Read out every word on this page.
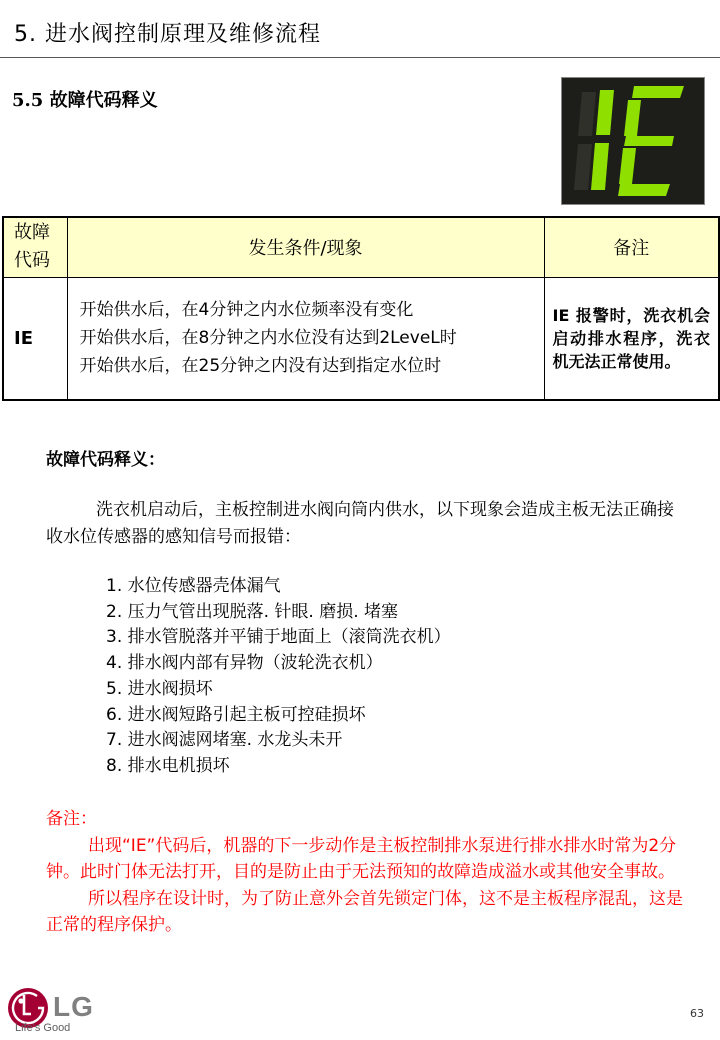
5. 进水阀控制原理及维修流程
5.5 故障代码释义
故障代码	发生条件/现象	备注
IE	开始供水后，在4分钟之内水位频率没有变化
开始供水后，在8分钟之内水位没有达到2LeveL时
开始供水后，在25分钟之内没有达到指定水位时	IE 报警时，洗衣机会启动排水程序，洗衣机无法正常使用。
故障代码释义：
洗衣机启动后，主板控制进水阀向筒内供水，以下现象会造成主板无法正确接收水位传感器的感知信号而报错：
1. 水位传感器壳体漏气
2. 压力气管出现脱落. 针眼. 磨损. 堵塞
3. 排水管脱落并平铺于地面上（滚筒洗衣机）
4. 排水阀内部有异物（波轮洗衣机）
5. 进水阀损坏
6. 进水阀短路引起主板可控硅损坏
7. 进水阀滤网堵塞. 水龙头未开
8. 排水电机损坏
备注：
出现“IE”代码后，机器的下一步动作是主板控制排水泵进行排水排水时常为2分钟。此时门体无法打开，目的是防止由于无法预知的故障造成溢水或其他安全事故。
所以程序在设计时，为了防止意外会首先锁定门体，这不是主板程序混乱，这是正常的程序保护。
LG
Life's Good
63
